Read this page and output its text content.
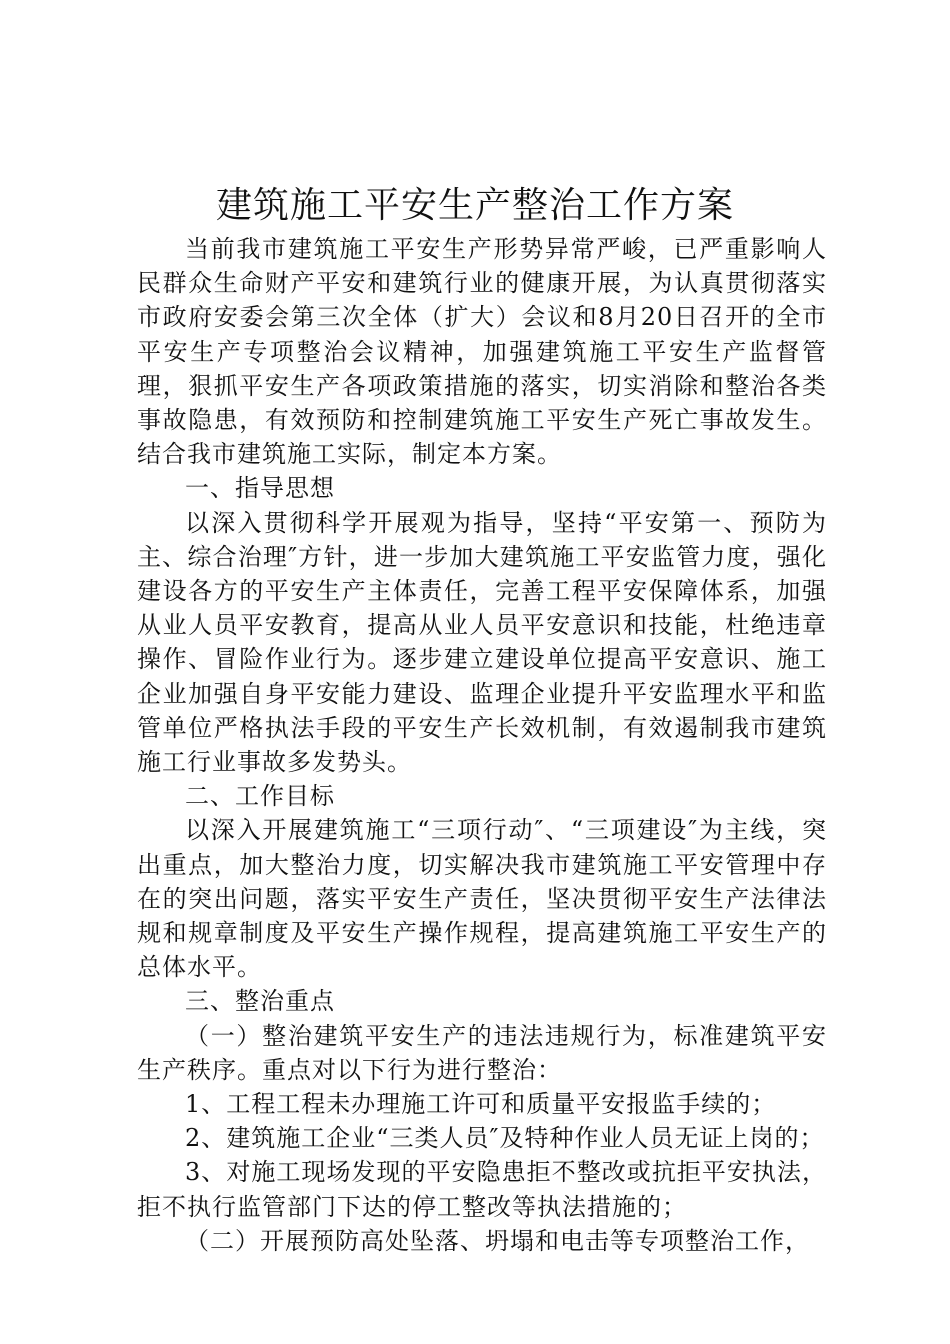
建筑施工平安生产整治工作方案

当前我市建筑施工平安生产形势异常严峻，已严重影响人民群众生命财产平安和建筑行业的健康开展，为认真贯彻落实市政府安委会第三次全体（扩大）会议和8月20日召开的全市平安生产专项整治会议精神，加强建筑施工平安生产监督管理，狠抓平安生产各项政策措施的落实，切实消除和整治各类事故隐患，有效预防和控制建筑施工平安生产死亡事故发生。结合我市建筑施工实际，制定本方案。

一、指导思想

以深入贯彻科学开展观为指导，坚持“平安第一、预防为主、综合治理″方针，进一步加大建筑施工平安监管力度，强化建设各方的平安生产主体责任，完善工程平安保障体系，加强从业人员平安教育，提高从业人员平安意识和技能，杜绝违章操作、冒险作业行为。逐步建立建设单位提高平安意识、施工企业加强自身平安能力建设、监理企业提升平安监理水平和监管单位严格执法手段的平安生产长效机制，有效遏制我市建筑施工行业事故多发势头。

二、工作目标

以深入开展建筑施工“三项行动″、“三项建设″为主线，突出重点，加大整治力度，切实解决我市建筑施工平安管理中存在的突出问题，落实平安生产责任，坚决贯彻平安生产法律法规和规章制度及平安生产操作规程，提高建筑施工平安生产的总体水平。

三、整治重点

（一）整治建筑平安生产的违法违规行为，标准建筑平安生产秩序。重点对以下行为进行整治：

1、工程工程未办理施工许可和质量平安报监手续的；

2、建筑施工企业“三类人员″及特种作业人员无证上岗的；

3、对施工现场发现的平安隐患拒不整改或抗拒平安执法，拒不执行监管部门下达的停工整改等执法措施的；

（二）开展预防高处坠落、坍塌和电击等专项整治工作，
